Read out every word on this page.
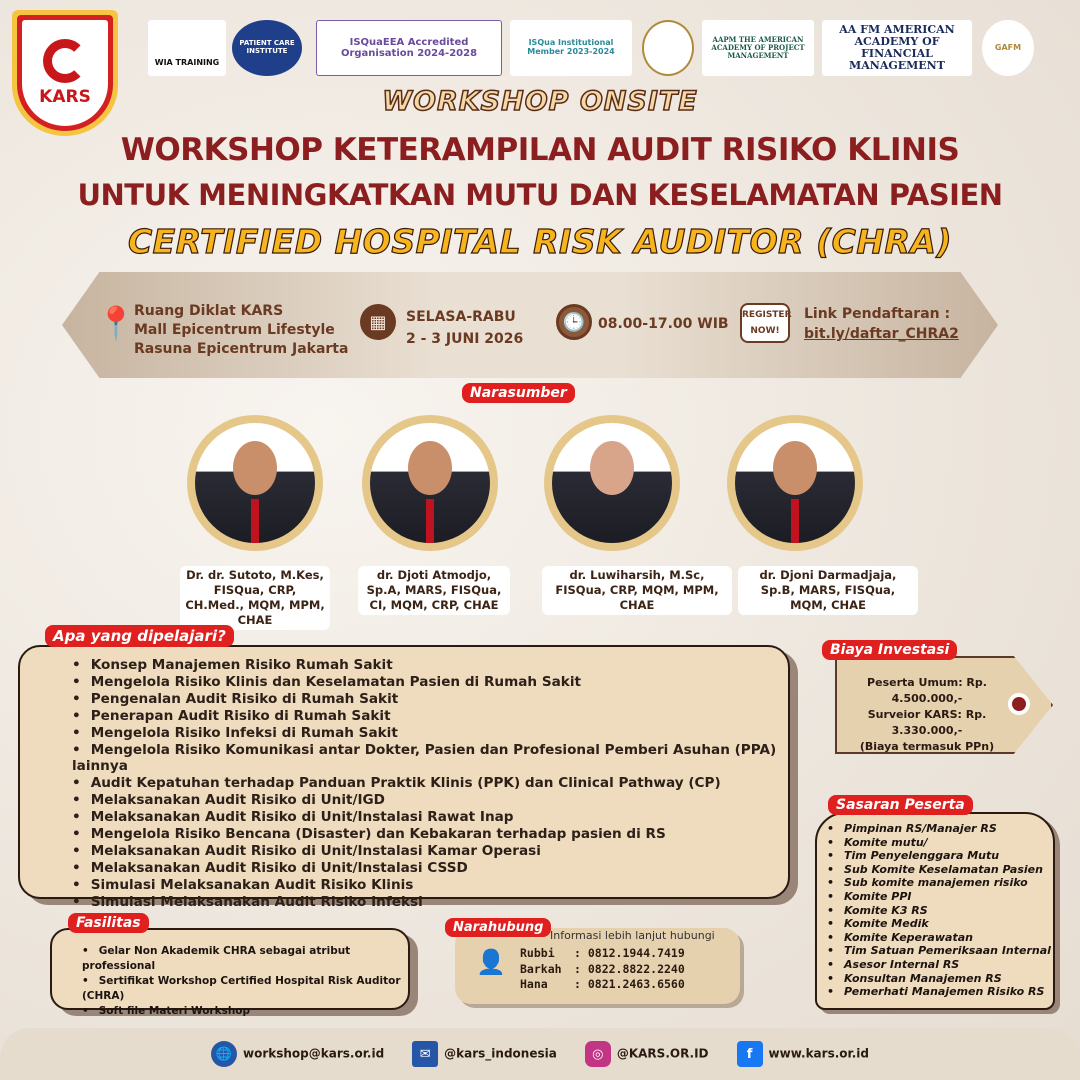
KARS
WIA TRAINING
PATIENT CARE INSTITUTE
ISQuaEEA Accredited Organisation 2024-2028
ISQua Institutional Member 2023-2024
AAPM THE AMERICAN ACADEMY OF PROJECT MANAGEMENT
AA FM AMERICAN ACADEMY OF FINANCIAL MANAGEMENT
GAFM
WORKSHOP ONSITE
WORKSHOP KETERAMPILAN AUDIT RISIKO KLINIS
UNTUK MENINGKATKAN MUTU DAN KESELAMATAN PASIEN
CERTIFIED HOSPITAL RISK AUDITOR (CHRA)
📍
Ruang Diklat KARS
Mall Epicentrum Lifestyle
Rasuna Epicentrum Jakarta
▦	SELASA-RABU
2 - 3 JUNI 2026
🕒 08.00-17.00 WIB
REGISTER NOW!
Link Pendaftaran :
bit.ly/daftar_CHRA2
Narasumber
Dr. dr. Sutoto, M.Kes, FISQua, CRP, CH.Med., MQM, MPM, CHAE
dr. Djoti Atmodjo, Sp.A, MARS, FISQua, CI, MQM, CRP, CHAE
dr. Luwiharsih, M.Sc, FISQua, CRP, MQM, MPM, CHAE
dr. Djoni Darmadjaja, Sp.B, MARS, FISQua, MQM, CHAE
• Konsep Manajemen Risiko Rumah Sakit
• Mengelola Risiko Klinis dan Keselamatan Pasien di Rumah Sakit
• Pengenalan Audit Risiko di Rumah Sakit
• Penerapan Audit Risiko di Rumah Sakit
• Mengelola Risiko Infeksi di Rumah Sakit
• Mengelola Risiko Komunikasi antar Dokter, Pasien dan Profesional Pemberi Asuhan (PPA) lainnya
• Audit Kepatuhan terhadap Panduan Praktik Klinis (PPK) dan Clinical Pathway (CP)
• Melaksanakan Audit Risiko di Unit/IGD
• Melaksanakan Audit Risiko di Unit/Instalasi Rawat Inap
• Mengelola Risiko Bencana (Disaster) dan Kebakaran terhadap pasien di RS
• Melaksanakan Audit Risiko di Unit/Instalasi Kamar Operasi
• Melaksanakan Audit Risiko di Unit/Instalasi CSSD
• Simulasi Melaksanakan Audit Risiko Klinis
• Simulasi Melaksanakan Audit Risiko Infeksi
Apa yang dipelajari?
Peserta Umum: Rp. 4.500.000,-
Surveior KARS: Rp. 3.330.000,-
(Biaya termasuk PPn)
Biaya Investasi
• Pimpinan RS/Manajer RS
• Komite mutu/
• Tim Penyelenggara Mutu
• Sub Komite Keselamatan Pasien
• Sub komite manajemen risiko
• Komite PPI
• Komite K3 RS
• Komite Medik
• Komite Keperawatan
• Tim Satuan Pemeriksaan Internal
• Asesor Internal RS
• Konsultan Manajemen RS
• Pemerhati Manajemen Risiko RS
Sasaran Peserta
• Gelar Non Akademik CHRA sebagai atribut professional
• Sertifikat Workshop Certified Hospital Risk Auditor (CHRA)
• Soft file Materi Workshop
Fasilitas	Narahubung
Informasi lebih lanjut hubungi
👤 Rubbi : 0812.1944.7419
Barkah : 0822.8822.2240
Hana : 0821.2463.6560
🌐 workshop@kars.or.id	✉ @kars_indonesia	◎ @KARS.OR.ID	f www.kars.or.id
